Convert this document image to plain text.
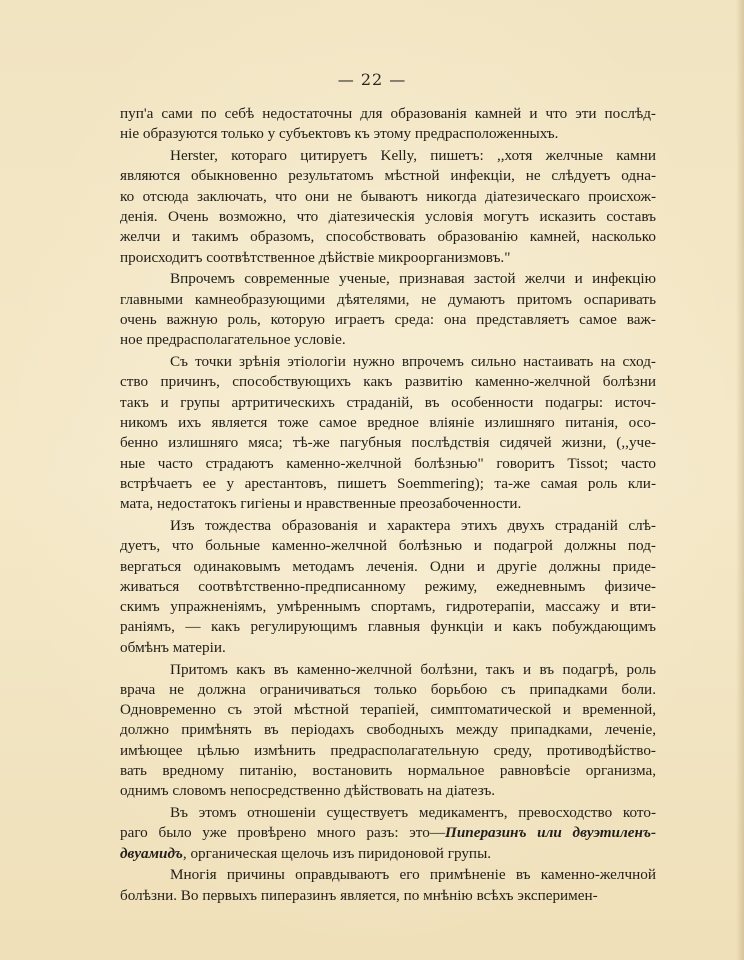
— 22 —
пуп'а сами по себѣ недостаточны для образованія камней и что эти послѣд-
ніе образуются только у субъектовъ къ этому предрасположенныхъ.
Herster, котораго цитируетъ Kelly, пишетъ: ,,хотя желчные камни
являются обыкновенно результатомъ мѣстной инфекціи, не слѣдуетъ одна-
ко отсюда заключать, что они не бываютъ никогда діатезическаго происхож-
денія. Очень возможно, что діатезическія условія могутъ исказить составъ
желчи и такимъ образомъ, способствовать образованію камней, насколько
происходитъ соотвѣтственное дѣйствіе микроорганизмовъ."
Впрочемъ современные ученые, признавая застой желчи и инфекцію
главными камнеобразующими дѣятелями, не думаютъ притомъ оспаривать
очень важную роль, которую играетъ среда: она представляетъ самое важ-
ное предрасполагательное условіе.
Съ точки зрѣнія этіологіи нужно впрочемъ сильно настаивать на сход-
ство причинъ, способствующихъ какъ развитію каменно-желчной болѣзни
такъ и групы артритическихъ страданій, въ особенности подагры: источ-
никомъ ихъ является тоже самое вредное вліяніе излишняго питанія, осо-
бенно излишняго мяса; тѣ-же пагубныя послѣдствія сидячей жизни, (,,уче-
ные часто страдаютъ каменно-желчной болѣзнью" говоритъ Tissot; часто
встрѣчаетъ ее у арестантовъ, пишетъ Soemmering); та-же самая роль кли-
мата, недостатокъ гигіены и нравственные преозабоченности.
Изъ тождества образованія и характера этихъ двухъ страданій слѣ-
дуетъ, что больные каменно-желчной болѣзнью и подагрой должны под-
вергаться одинаковымъ методамъ леченія. Одни и другіе должны приде-
живаться соотвѣтственно-предписанному режиму, ежедневнымъ физиче-
скимъ упражненіямъ, умѣреннымъ спортамъ, гидротерапіи, массажу и вти-
раніямъ, — какъ регулирующимъ главныя функціи и какъ побуждающимъ
обмѣнъ матеріи.
Притомъ какъ въ каменно-желчной болѣзни, такъ и въ подагрѣ, роль
врача не должна ограничиваться только борьбою съ припадками боли.
Одновременно съ этой мѣстной терапіей, симптоматической и временной,
должно примѣнять въ періодахъ свободныхъ между припадками, леченіе,
имѣющее цѣлью измѣнить предрасполагательную среду, противодѣйство-
вать вредному питанію, востановить нормальное равновѣсіе организма,
однимъ словомъ непосредственно дѣйствовать на діатезъ.
Въ этомъ отношеніи существуетъ медикаментъ, превосходство кото-
раго было уже провѣрено много разъ: это—Пиперазинъ или двуэтиленъ-
двуамидъ, органическая щелочь изъ пиридоновой групы.
Многія причины оправдываютъ его примѣненіе въ каменно-желчной
болѣзни. Во первыхъ пиперазинъ является, по мнѣнію всѣхъ эксперимен-
